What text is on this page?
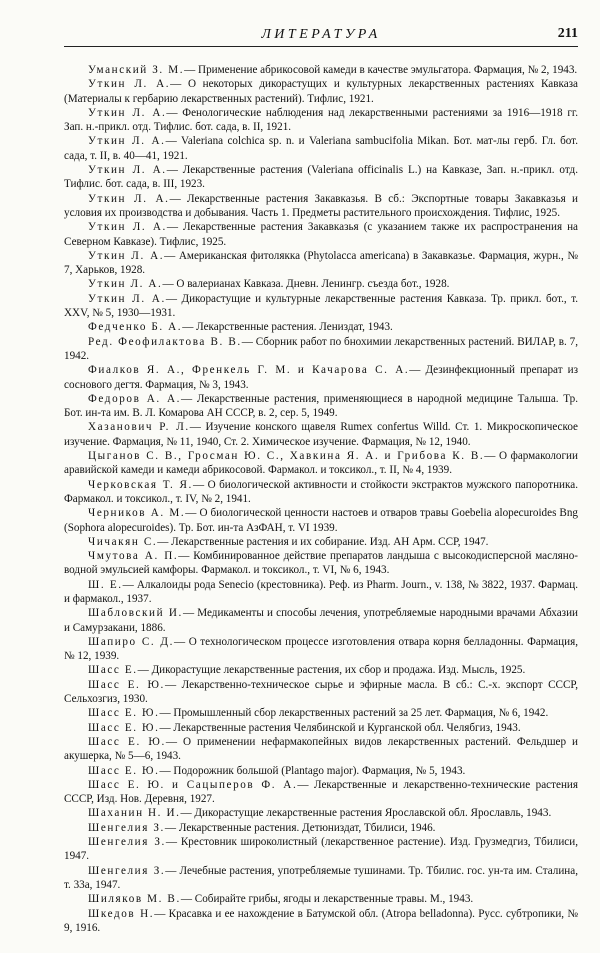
ЛИТЕРАТУРА	211

Уманский З. М.— Применение абрикосовой камеди в качестве эмульгатора. Фармация, № 2, 1943.

Уткин Л. А.— О некоторых дикорастущих и культурных лекарственных растениях Кавказа (Материалы к гербарию лекарственных растений). Тифлис, 1921.

Уткин Л. А.— Фенологические наблюдения над лекарственными растениями за 1916—1918 гг. Зап. н.-прикл. отд. Тифлис. бот. сада, в. II, 1921.

Уткин Л. А.— Valeriana colchica sp. n. и Valeriana sambucifolia Mikan. Бот. мат-лы герб. Гл. бот. сада, т. II, в. 40—41, 1921.

Уткин Л. А.— Лекарственные растения (Valeriana officinalis L.) на Кавказе, Зап. н.-прикл. отд. Тифлис. бот. сада, в. III, 1923.

Уткин Л. А.— Лекарственные растения Закавказья. В сб.: Экспортные товары Закавказья и условия их производства и добывания. Часть 1. Предметы растительного происхождения. Тифлис, 1925.

Уткин Л. А.— Лекарственные растения Закавказья (с указанием также их распространения на Северном Кавказе). Тифлис, 1925.

Уткин Л. А.— Американская фитолякка (Phytolacca americana) в Закавказье. Фармация, журн., № 7, Харьков, 1928.

Уткин Л. А.— О валерианах Кавказа. Дневн. Ленингр. съезда бот., 1928.

Уткин Л. А.— Дикорастущие и культурные лекарственные растения Кавказа. Тр. прикл. бот., т. XXV, № 5, 1930—1931.

Федченко Б. А.— Лекарственные растения. Лениздат, 1943.

Ред. Феофилактова В. В.— Сборник работ по бнохимии лекарственных растений. ВИЛАР, в. 7, 1942.

Фиалков Я. А., Френкель Г. М. и Качарова С. А.— Дезинфекционный препарат из соснового дегтя. Фармация, № 3, 1943.

Федоров А. А.— Лекарственные растения, применяющиеся в народной медицине Талыша. Тр. Бот. ин-та им. В. Л. Комарова АН СССР, в. 2, сер. 5, 1949.

Хазанович Р. Л.— Изучение конского щавеля Rumex confertus Willd. Ст. 1. Микроскопическое изучение. Фармация, № 11, 1940, Ст. 2. Химическое изучение. Фармация, № 12, 1940.

Цыганов С. В., Гросман Ю. С., Хавкина Я. А. и Грибова К. В.— О фармакологии аравийской камеди и камеди абрикосовой. Фармакол. и токсикол., т. II, № 4, 1939.

Черковская Т. Я.— О биологической активности и стойкости экстрактов мужского папоротника. Фармакол. и токсикол., т. IV, № 2, 1941.

Черников А. М.— О биологической ценности настоев и отваров травы Goebelia alopecuroides Bng (Sophora alopecuroides). Тр. Бот. ин-та АзФАН, т. VI 1939.

Чичакян С.— Лекарственные растения и их собирание. Изд. АН Арм. ССР, 1947.

Чмутова А. П.— Комбинированное действие препаратов ландыша с высокодисперсной масляно-водной эмульсией камфоры. Фармакол. и токсикол., т. VI, № 6, 1943.

Ш. Е.— Алкалоиды рода Senecio (крестовника). Реф. из Pharm. Journ., v. 138, № 3822, 1937. Фармац. и фармакол., 1937.

Шабловский И.— Медикаменты и способы лечения, употребляемые народными врачами Абхазии и Самурзакани, 1886.

Шапиро С. Д.— О технологическом процессе изготовления отвара корня белладонны. Фармация, № 12, 1939.

Шасс Е.— Дикорастущие лекарственные растения, их сбор и продажа. Изд. Мысль, 1925.

Шасс Е. Ю.— Лекарственно-техническое сырье и эфирные масла. В сб.: С.-х. экспорт СССР, Сельхозгиз, 1930.

Шасс Е. Ю.— Промышленный сбор лекарственных растений за 25 лет. Фармация, № 6, 1942.

Шасс Е. Ю.— Лекарственные растения Челябинской и Курганской обл. Челябгиз, 1943.

Шасс Е. Ю.— О применении нефармакопейных видов лекарственных растений. Фельдшер и акушерка, № 5—6, 1943.

Шасс Е. Ю.— Подорожник большой (Plantago major). Фармация, № 5, 1943.

Шасс Е. Ю. и Сацыперов Ф. А.— Лекарственные и лекарственно-технические растения СССР, Изд. Нов. Деревня, 1927.

Шаханин Н. И.— Дикорастущие лекарственные растения Ярославской обл. Ярославль, 1943.

Шенгелия З.— Лекарственные растения. Детюниздат, Тбилиси, 1946.

Шенгелия З.— Крестовник широколистный (лекарственное растение). Изд. Грузмедгиз, Тбилиси, 1947.

Шенгелия З.— Лечебные растения, употребляемые тушинами. Тр. Тбилис. гос. ун-та им. Сталина, т. 33а, 1947.

Шиляков М. В.— Собирайте грибы, ягоды и лекарственные травы. М., 1943.

Шкедов Н.— Красавка и ее нахождение в Батумской обл. (Atropa belladonna). Русс. субтропики, № 9, 1916.
